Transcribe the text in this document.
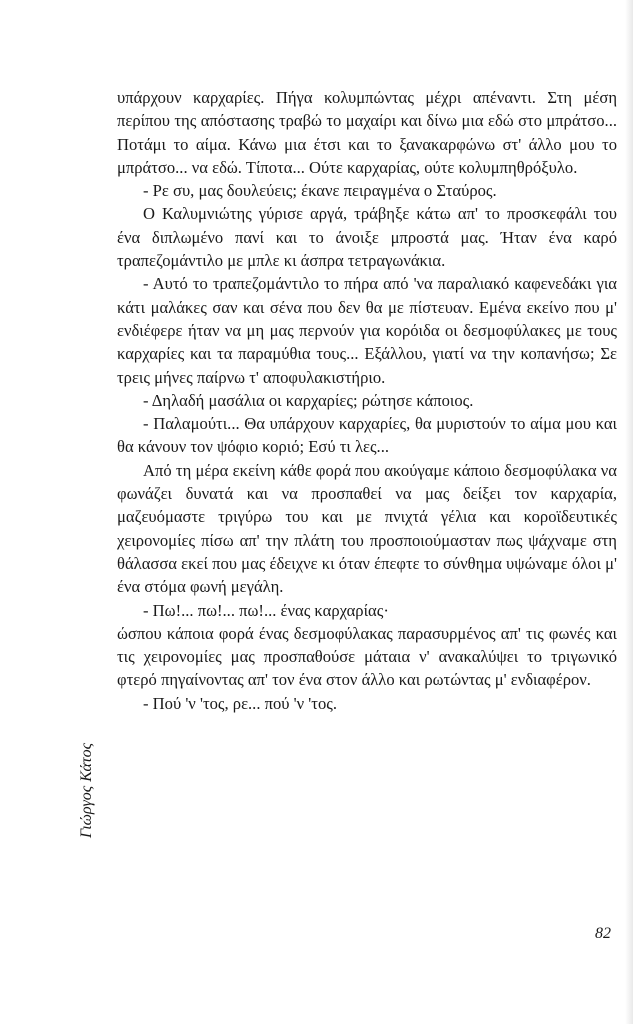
υπάρχουν καρχαρίες. Πήγα κολυμπώντας μέχρι απέναντι. Στη μέση περίπου της απόστασης τραβώ το μαχαίρι και δίνω μια εδώ στο μπράτσο... Ποτάμι το αίμα. Κάνω μια έτσι και το ξανακαρφώνω στ' άλλο μου το μπράτσο... να εδώ. Τίποτα... Ούτε καρχαρίας, ούτε κολυμπηθρόξυλο.

- Ρε συ, μας δουλεύεις; έκανε πειραγμένα ο Σταύρος.

Ο Καλυμνιώτης γύρισε αργά, τράβηξε κάτω απ' το προσκεφάλι του ένα διπλωμένο πανί και το άνοιξε μπροστά μας. Ήταν ένα καρό τραπεζομάντιλο με μπλε κι άσπρα τετραγωνάκια.

- Αυτό το τραπεζομάντιλο το πήρα από 'να παραλιακό καφενεδάκι για κάτι μαλάκες σαν και σένα που δεν θα με πίστευαν. Εμένα εκείνο που μ' ενδιέφερε ήταν να μη μας περνούν για κορόιδα οι δεσμοφύλακες με τους καρχαρίες και τα παραμύθια τους... Εξάλλου, γιατί να την κοπανήσω; Σε τρεις μήνες παίρνω τ' αποφυλακιστήριο.

- Δηλαδή μασάλια οι καρχαρίες; ρώτησε κάποιος.

- Παλαμούτι... Θα υπάρχουν καρχαρίες, θα μυριστούν το αίμα μου και θα κάνουν τον ψόφιο κοριό; Εσύ τι λες...

Από τη μέρα εκείνη κάθε φορά που ακούγαμε κάποιο δεσμοφύλακα να φωνάζει δυνατά και να προσπαθεί να μας δείξει τον καρχαρία, μαζευόμαστε τριγύρω του και με πνιχτά γέλια και κοροϊδευτικές χειρονομίες πίσω απ' την πλάτη του προσποιούμασταν πως ψάχναμε στη θάλασσα εκεί που μας έδειχνε κι όταν έπεφτε το σύνθημα υψώναμε όλοι μ' ένα στόμα φωνή μεγάλη.

- Πω!... πω!... πω!... ένας καρχαρίας·

ώσπου κάποια φορά ένας δεσμοφύλακας παρασυρμένος απ' τις φωνές και τις χειρονομίες μας προσπαθούσε μάταια ν' ανακαλύψει το τριγωνικό φτερό πηγαίνοντας απ' τον ένα στον άλλο και ρωτώντας μ' ενδιαφέρον.

- Πού 'ν 'τος, ρε... πού 'ν 'τος.

Γιώργος Κάτος
82
